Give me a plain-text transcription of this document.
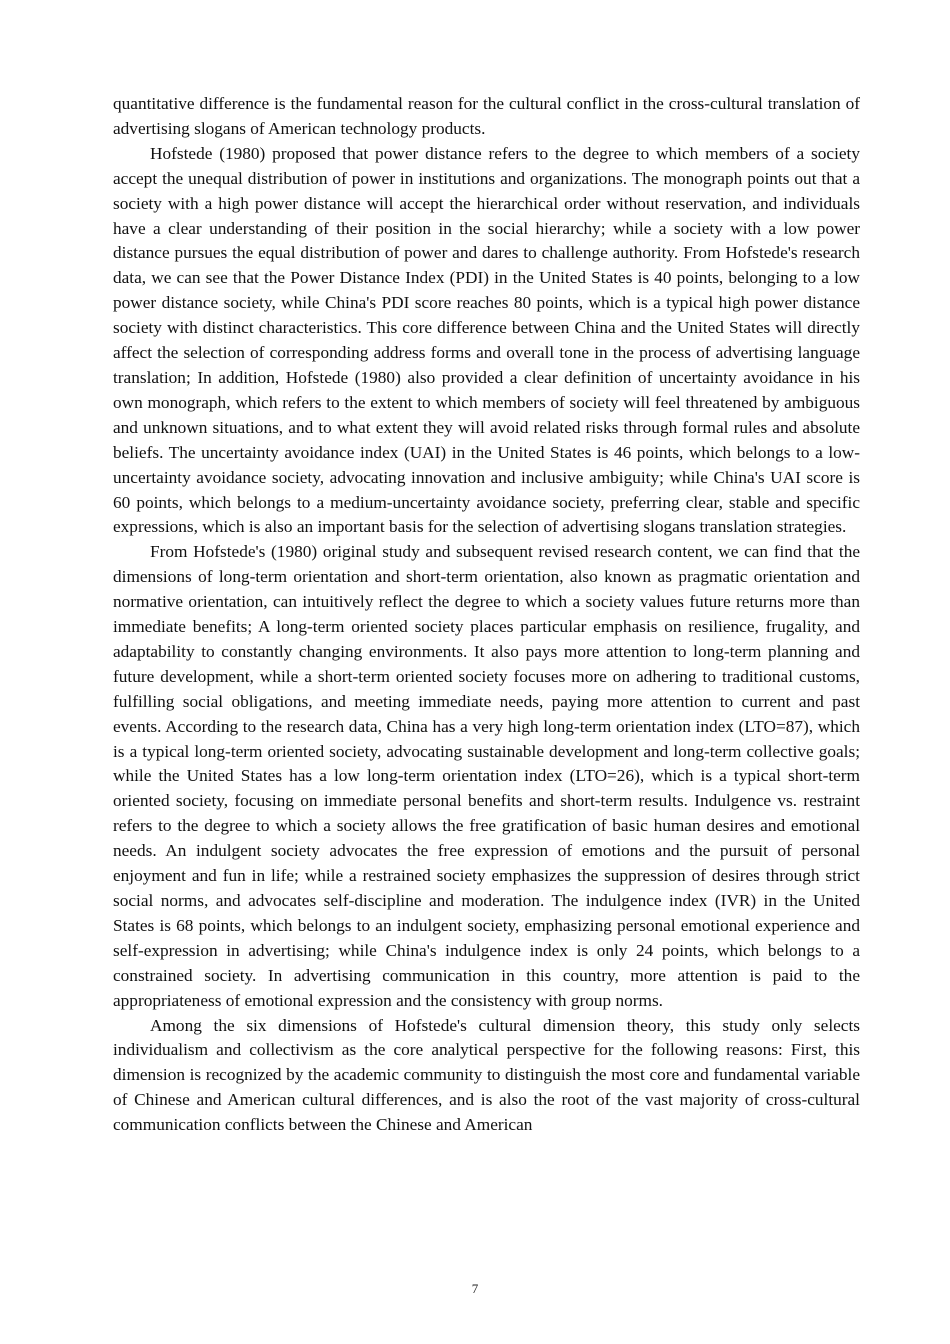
quantitative difference is the fundamental reason for the cultural conflict in the cross-cultural translation of advertising slogans of American technology products.

Hofstede (1980) proposed that power distance refers to the degree to which members of a society accept the unequal distribution of power in institutions and organizations. The monograph points out that a society with a high power distance will accept the hierarchical order without reservation, and individuals have a clear understanding of their position in the social hierarchy; while a society with a low power distance pursues the equal distribution of power and dares to challenge authority. From Hofstede's research data, we can see that the Power Distance Index (PDI) in the United States is 40 points, belonging to a low power distance society, while China's PDI score reaches 80 points, which is a typical high power distance society with distinct characteristics. This core difference between China and the United States will directly affect the selection of corresponding address forms and overall tone in the process of advertising language translation; In addition, Hofstede (1980) also provided a clear definition of uncertainty avoidance in his own monograph, which refers to the extent to which members of society will feel threatened by ambiguous and unknown situations, and to what extent they will avoid related risks through formal rules and absolute beliefs. The uncertainty avoidance index (UAI) in the United States is 46 points, which belongs to a low-uncertainty avoidance society, advocating innovation and inclusive ambiguity; while China's UAI score is 60 points, which belongs to a medium-uncertainty avoidance society, preferring clear, stable and specific expressions, which is also an important basis for the selection of advertising slogans translation strategies.

From Hofstede's (1980) original study and subsequent revised research content, we can find that the dimensions of long-term orientation and short-term orientation, also known as pragmatic orientation and normative orientation, can intuitively reflect the degree to which a society values future returns more than immediate benefits; A long-term oriented society places particular emphasis on resilience, frugality, and adaptability to constantly changing environments. It also pays more attention to long-term planning and future development, while a short-term oriented society focuses more on adhering to traditional customs, fulfilling social obligations, and meeting immediate needs, paying more attention to current and past events. According to the research data, China has a very high long-term orientation index (LTO=87), which is a typical long-term oriented society, advocating sustainable development and long-term collective goals; while the United States has a low long-term orientation index (LTO=26), which is a typical short-term oriented society, focusing on immediate personal benefits and short-term results. Indulgence vs. restraint refers to the degree to which a society allows the free gratification of basic human desires and emotional needs. An indulgent society advocates the free expression of emotions and the pursuit of personal enjoyment and fun in life; while a restrained society emphasizes the suppression of desires through strict social norms, and advocates self-discipline and moderation. The indulgence index (IVR) in the United States is 68 points, which belongs to an indulgent society, emphasizing personal emotional experience and self-expression in advertising; while China's indulgence index is only 24 points, which belongs to a constrained society. In advertising communication in this country, more attention is paid to the appropriateness of emotional expression and the consistency with group norms.

Among the six dimensions of Hofstede's cultural dimension theory, this study only selects individualism and collectivism as the core analytical perspective for the following reasons: First, this dimension is recognized by the academic community to distinguish the most core and fundamental variable of Chinese and American cultural differences, and is also the root of the vast majority of cross-cultural communication conflicts between the Chinese and American

7
